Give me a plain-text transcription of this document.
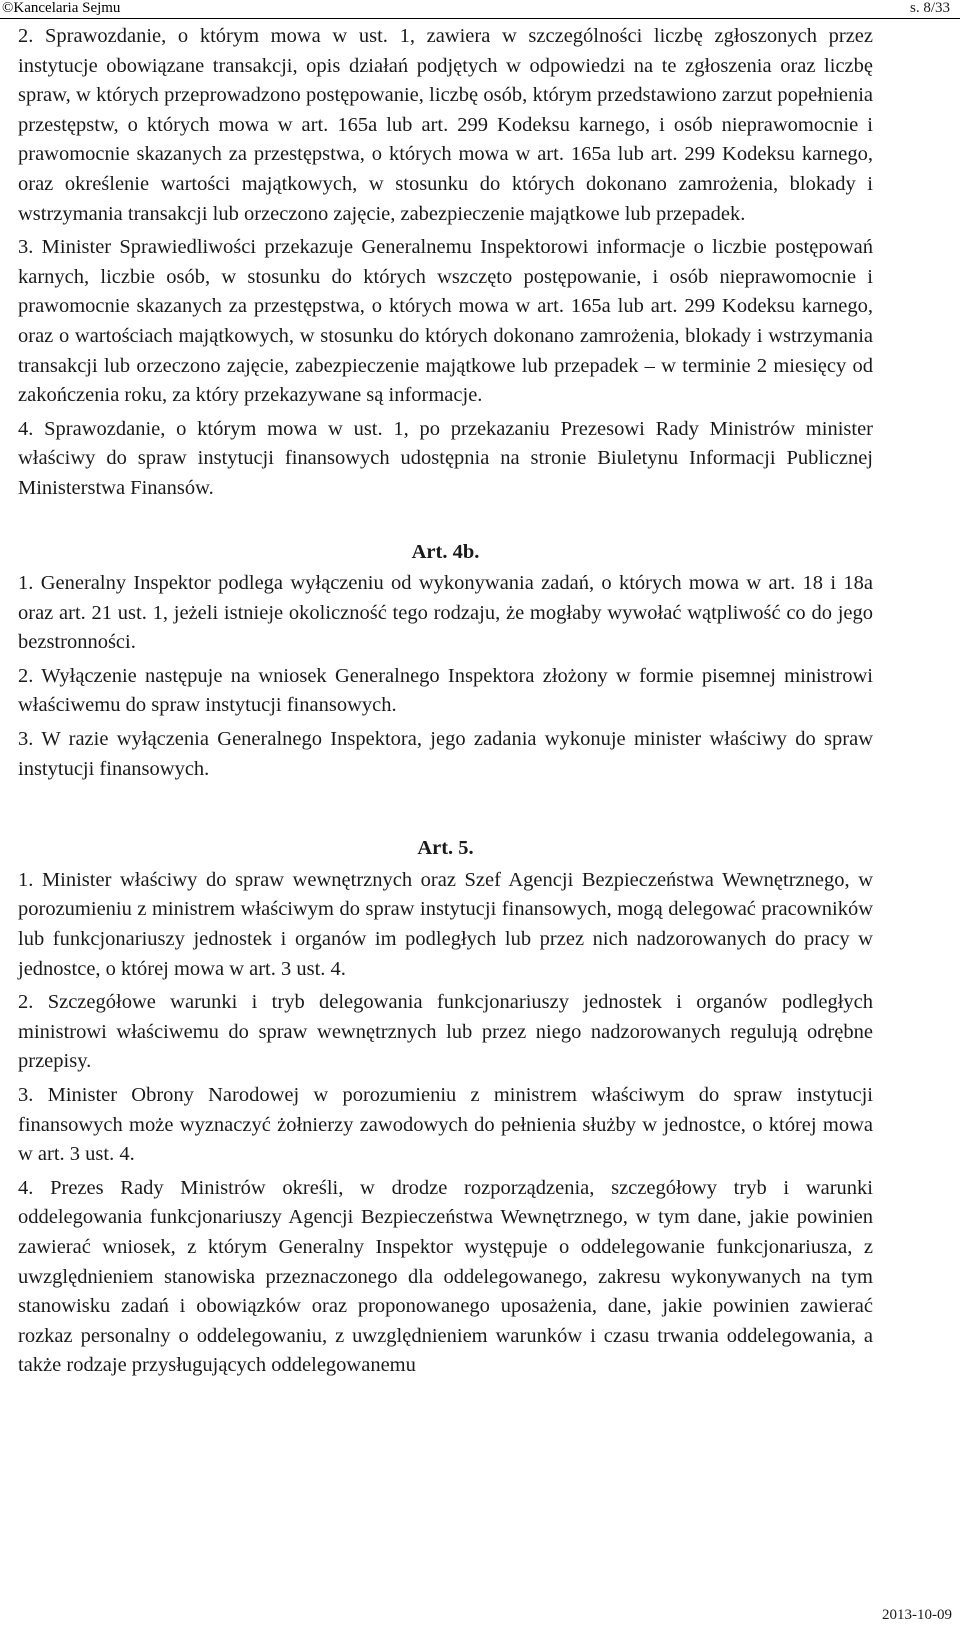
©Kancelaria Sejmu	s. 8/33

2. Sprawozdanie, o którym mowa w ust. 1, zawiera w szczególności liczbę zgłoszonych przez instytucje obowiązane transakcji, opis działań podjętych w odpowiedzi na te zgłoszenia oraz liczbę spraw, w których przeprowadzono postępowanie, liczbę osób, którym przedstawiono zarzut popełnienia przestępstw, o których mowa w art. 165a lub art. 299 Kodeksu karnego, i osób nieprawomocnie i prawomocnie skazanych za przestępstwa, o których mowa w art. 165a lub art. 299 Kodeksu karnego, oraz określenie wartości majątkowych, w stosunku do których dokonano zamrożenia, blokady i wstrzymania transakcji lub orzeczono zajęcie, zabezpieczenie majątkowe lub przepadek.

3. Minister Sprawiedliwości przekazuje Generalnemu Inspektorowi informacje o liczbie postępowań karnych, liczbie osób, w stosunku do których wszczęto postępowanie, i osób nieprawomocnie i prawomocnie skazanych za przestępstwa, o których mowa w art. 165a lub art. 299 Kodeksu karnego, oraz o wartościach majątkowych, w stosunku do których dokonano zamrożenia, blokady i wstrzymania transakcji lub orzeczono zajęcie, zabezpieczenie majątkowe lub przepadek – w terminie 2 miesięcy od zakończenia roku, za który przekazywane są informacje.

4. Sprawozdanie, o którym mowa w ust. 1, po przekazaniu Prezesowi Rady Ministrów minister właściwy do spraw instytucji finansowych udostępnia na stronie Biuletynu Informacji Publicznej Ministerstwa Finansów.

Art. 4b.

1. Generalny Inspektor podlega wyłączeniu od wykonywania zadań, o których mowa w art. 18 i 18a oraz art. 21 ust. 1, jeżeli istnieje okoliczność tego rodzaju, że mogłaby wywołać wątpliwość co do jego bezstronności.

2. Wyłączenie następuje na wniosek Generalnego Inspektora złożony w formie pisemnej ministrowi właściwemu do spraw instytucji finansowych.

3. W razie wyłączenia Generalnego Inspektora, jego zadania wykonuje minister właściwy do spraw instytucji finansowych.

Art. 5.

1. Minister właściwy do spraw wewnętrznych oraz Szef Agencji Bezpieczeństwa Wewnętrznego, w porozumieniu z ministrem właściwym do spraw instytucji finansowych, mogą delegować pracowników lub funkcjonariuszy jednostek i organów im podległych lub przez nich nadzorowanych do pracy w jednostce, o której mowa w art. 3 ust. 4.

2. Szczegółowe warunki i tryb delegowania funkcjonariuszy jednostek i organów podległych ministrowi właściwemu do spraw wewnętrznych lub przez niego nadzorowanych regulują odrębne przepisy.

3. Minister Obrony Narodowej w porozumieniu z ministrem właściwym do spraw instytucji finansowych może wyznaczyć żołnierzy zawodowych do pełnienia służby w jednostce, o której mowa w art. 3 ust. 4.

4. Prezes Rady Ministrów określi, w drodze rozporządzenia, szczegółowy tryb i warunki oddelegowania funkcjonariuszy Agencji Bezpieczeństwa Wewnętrznego, w tym dane, jakie powinien zawierać wniosek, z którym Generalny Inspektor występuje o oddelegowanie funkcjonariusza, z uwzględnieniem stanowiska przeznaczonego dla oddelegowanego, zakresu wykonywanych na tym stanowisku zadań i obowiązków oraz proponowanego uposażenia, dane, jakie powinien zawierać rozkaz personalny o oddelegowaniu, z uwzględnieniem warunków i czasu trwania oddelegowania, a także rodzaje przysługujących oddelegowanemu

2013-10-09
